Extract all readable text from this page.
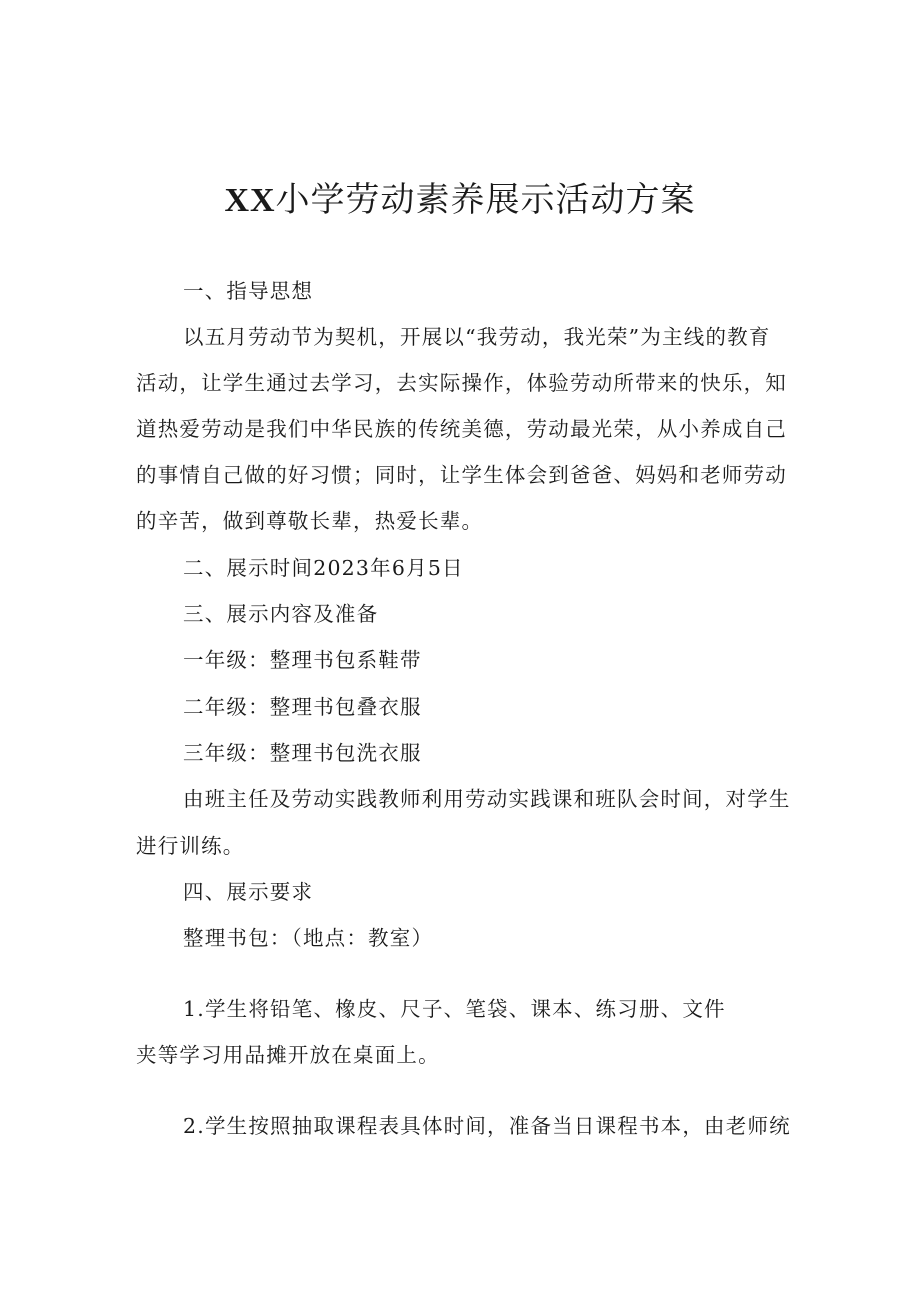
XX小学劳动素养展示活动方案

一、指导思想

以五月劳动节为契机，开展以“我劳动，我光荣”为主线的教育

活动，让学生通过去学习，去实际操作，体验劳动所带来的快乐，知

道热爱劳动是我们中华民族的传统美德，劳动最光荣，从小养成自己

的事情自己做的好习惯；同时，让学生体会到爸爸、妈妈和老师劳动

的辛苦，做到尊敬长辈，热爱长辈。

二、展示时间2023年6月5日

三、展示内容及准备

一年级：整理书包系鞋带

二年级：整理书包叠衣服

三年级：整理书包洗衣服

由班主任及劳动实践教师利用劳动实践课和班队会时间，对学生

进行训练。

四、展示要求

整理书包：（地点：教室）

1.学生将铅笔、橡皮、尺子、笔袋、课本、练习册、文件

夹等学习用品摊开放在桌面上。

2.学生按照抽取课程表具体时间，准备当日课程书本，由老师统
